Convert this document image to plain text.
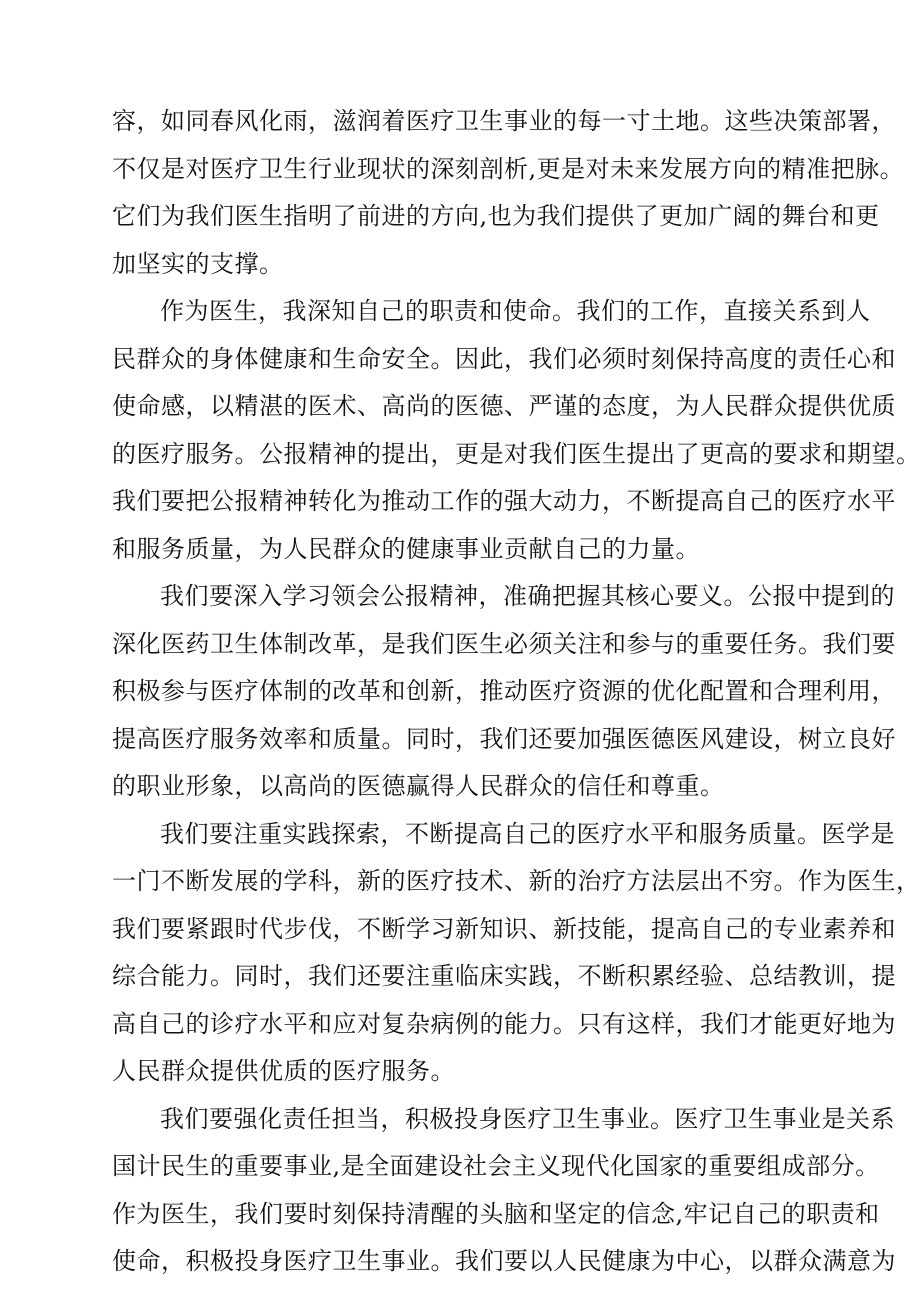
容，如同春风化雨，滋润着医疗卫生事业的每一寸土地。这些决策部署，
不仅是对医疗卫生行业现状的深刻剖析,更是对未来发展方向的精准把脉。
它们为我们医生指明了前进的方向,也为我们提供了更加广阔的舞台和更
加坚实的支撑。
作为医生，我深知自己的职责和使命。我们的工作，直接关系到人
民群众的身体健康和生命安全。因此，我们必须时刻保持高度的责任心和
使命感，以精湛的医术、高尚的医德、严谨的态度，为人民群众提供优质
的医疗服务。公报精神的提出，更是对我们医生提出了更高的要求和期望。
我们要把公报精神转化为推动工作的强大动力，不断提高自己的医疗水平
和服务质量，为人民群众的健康事业贡献自己的力量。
我们要深入学习领会公报精神，准确把握其核心要义。公报中提到的
深化医药卫生体制改革，是我们医生必须关注和参与的重要任务。我们要
积极参与医疗体制的改革和创新，推动医疗资源的优化配置和合理利用，
提高医疗服务效率和质量。同时，我们还要加强医德医风建设，树立良好
的职业形象，以高尚的医德赢得人民群众的信任和尊重。
我们要注重实践探索，不断提高自己的医疗水平和服务质量。医学是
一门不断发展的学科，新的医疗技术、新的治疗方法层出不穷。作为医生，
我们要紧跟时代步伐，不断学习新知识、新技能，提高自己的专业素养和
综合能力。同时，我们还要注重临床实践，不断积累经验、总结教训，提
高自己的诊疗水平和应对复杂病例的能力。只有这样，我们才能更好地为
人民群众提供优质的医疗服务。
我们要强化责任担当，积极投身医疗卫生事业。医疗卫生事业是关系
国计民生的重要事业,是全面建设社会主义现代化国家的重要组成部分。
作为医生，我们要时刻保持清醒的头脑和坚定的信念,牢记自己的职责和
使命，积极投身医疗卫生事业。我们要以人民健康为中心，以群众满意为
